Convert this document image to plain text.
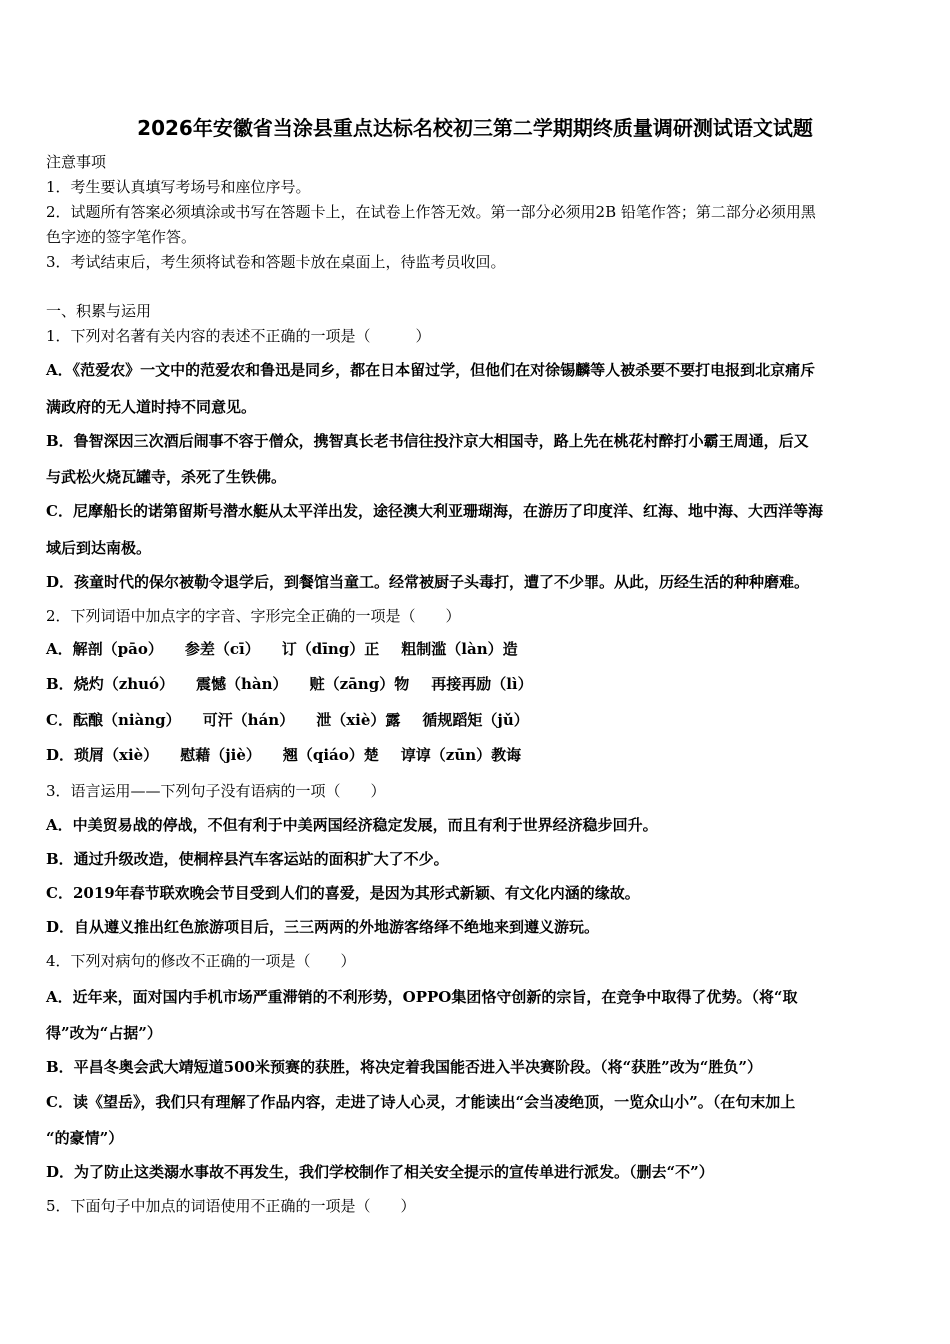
2026年安徽省当涂县重点达标名校初三第二学期期终质量调研测试语文试题
注意事项
1．考生要认真填写考场号和座位序号。
2．试题所有答案必须填涂或书写在答题卡上，在试卷上作答无效。第一部分必须用2B 铅笔作答；第二部分必须用黑
色字迹的签字笔作答。
3．考试结束后，考生须将试卷和答题卡放在桌面上，待监考员收回。
一、积累与运用
1．下列对名著有关内容的表述不正确的一项是（　　　）
A．《范爱农》一文中的范爱农和鲁迅是同乡，都在日本留过学，但他们在对徐锡麟等人被杀要不要打电报到北京痛斥
满政府的无人道时持不同意见。
B．鲁智深因三次酒后闹事不容于僧众，携智真长老书信往投汴京大相国寺，路上先在桃花村醉打小霸王周通，后又
与武松火烧瓦罐寺，杀死了生铁佛。
C．尼摩船长的诺第留斯号潜水艇从太平洋出发，途径澳大利亚珊瑚海，在游历了印度洋、红海、地中海、大西洋等海
域后到达南极。
D．孩童时代的保尔被勒令退学后，到餐馆当童工。经常被厨子头毒打，遭了不少罪。从此，历经生活的种种磨难。
2．下列词语中加点字的字音、字形完全正确的一项是（　　）
A．解剖（pāo） 参差（cī） 订（dīng）正 粗制滥（làn）造
B．烧灼（zhuó） 震憾（hàn） 赃（zāng）物 再接再励（lì）
C．酝酿（niàng） 可汗（hán） 泄（xiè）露 循规蹈矩（jǔ）
D．琐屑（xiè） 慰藉（jiè） 翘（qiáo）楚 谆谆（zūn）教诲
3．语言运用——下列句子没有语病的一项（　　）
A．中美贸易战的停战，不但有利于中美两国经济稳定发展，而且有利于世界经济稳步回升。
B．通过升级改造，使桐梓县汽车客运站的面积扩大了不少。
C．2019年春节联欢晚会节目受到人们的喜爱，是因为其形式新颖、有文化内涵的缘故。
D．自从遵义推出红色旅游项目后，三三两两的外地游客络绎不绝地来到遵义游玩。
4．下列对病句的修改不正确的一项是（　　）
A．近年来，面对国内手机市场严重滞销的不利形势，OPPO集团恪守创新的宗旨，在竞争中取得了优势。（将“取
得”改为“占据”）
B．平昌冬奥会武大靖短道500米预赛的获胜，将决定着我国能否进入半决赛阶段。（将“获胜”改为“胜负”）
C．读《望岳》，我们只有理解了作品内容，走进了诗人心灵，才能读出“会当凌绝顶，一览众山小”。（在句末加上
“的豪情”）
D．为了防止这类溺水事故不再发生，我们学校制作了相关安全提示的宣传单进行派发。（删去“不”）
5．下面句子中加点的词语使用不正确的一项是（　　）
